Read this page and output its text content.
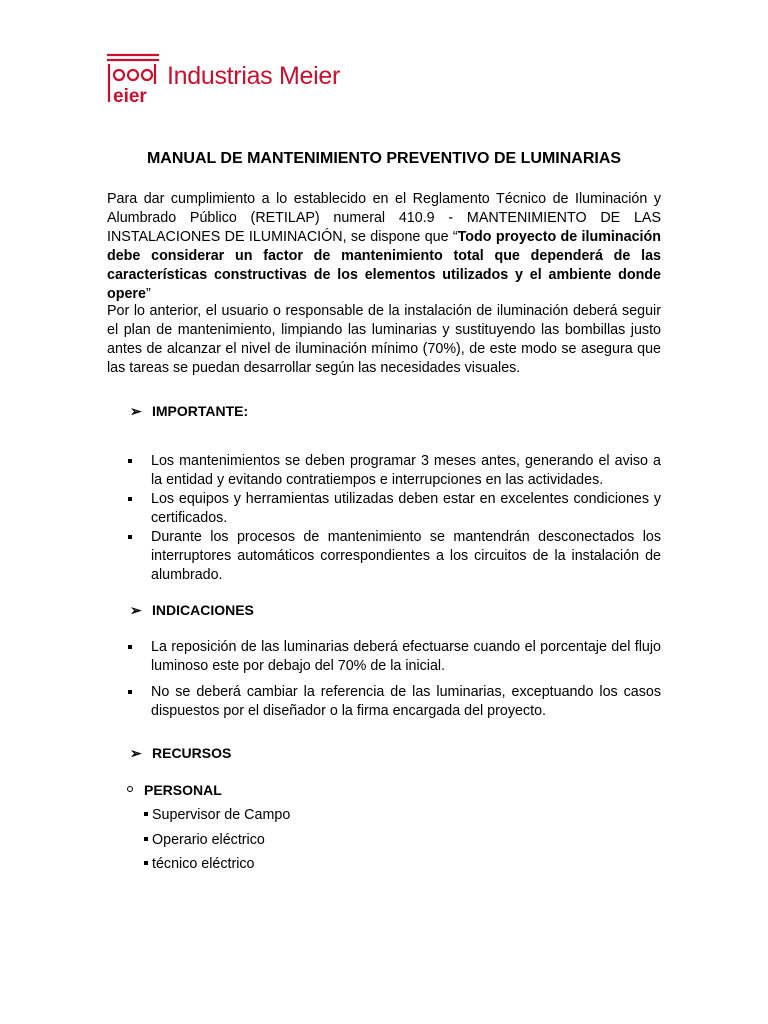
eier
Industrias Meier
MANUAL DE MANTENIMIENTO PREVENTIVO DE LUMINARIAS

Para dar cumplimiento a lo establecido en el Reglamento Técnico de Iluminación y Alumbrado Público (RETILAP) numeral 410.9 - MANTENIMIENTO DE LAS INSTALACIONES DE ILUMINACIÓN, se dispone que “Todo proyecto de iluminación debe considerar un factor de mantenimiento total que dependerá de las características constructivas de los elementos utilizados y el ambiente donde opere”

Por lo anterior, el usuario o responsable de la instalación de iluminación deberá seguir el plan de mantenimiento, limpiando las luminarias y sustituyendo las bombillas justo antes de alcanzar el nivel de iluminación mínimo (70%), de este modo se asegura que las tareas se puedan desarrollar según las necesidades visuales.

➢ IMPORTANTE:
Los mantenimientos se deben programar 3 meses antes, generando el aviso a la entidad y evitando contratiempos e interrupciones en las actividades.
Los equipos y herramientas utilizadas deben estar en excelentes condiciones y certificados.
Durante los procesos de mantenimiento se mantendrán desconectados los interruptores automáticos correspondientes a los circuitos de la instalación de alumbrado.
➢ INDICACIONES
La reposición de las luminarias deberá efectuarse cuando el porcentaje del flujo luminoso este por debajo del 70% de la inicial.
No se deberá cambiar la referencia de las luminarias, exceptuando los casos dispuestos por el diseñador o la firma encargada del proyecto.
➢ RECURSOS
PERSONAL
Supervisor de Campo
Operario eléctrico
técnico eléctrico
